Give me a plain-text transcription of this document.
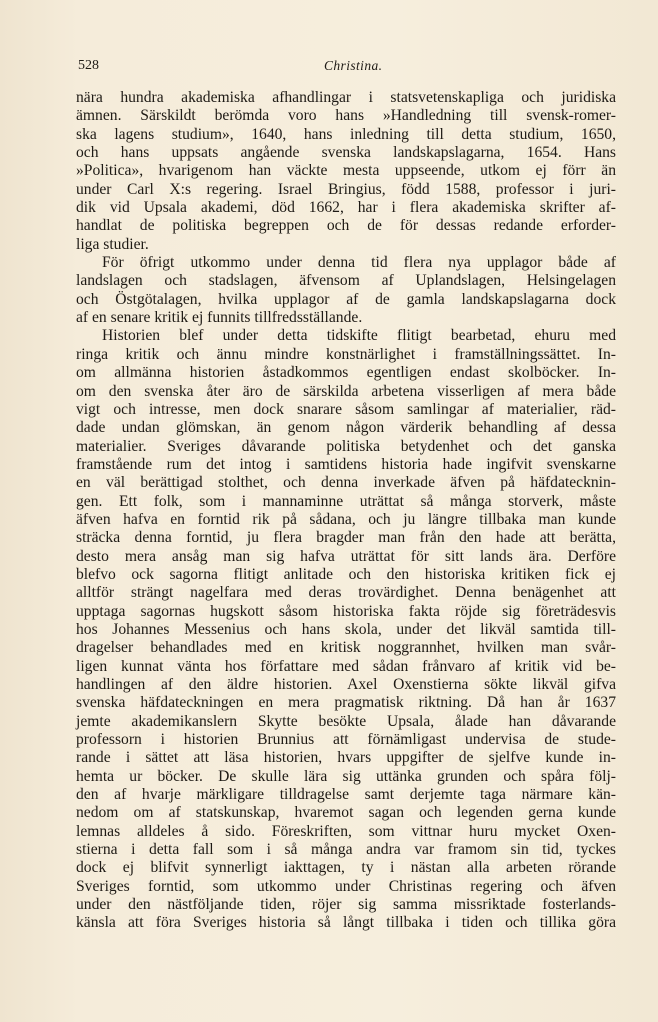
528	Christina.
nära hundra akademiska afhandlingar i statsvetenskapliga och juridiska
ämnen. Särskildt berömda voro hans »Handledning till svensk-romer-
ska lagens studium», 1640, hans inledning till detta studium, 1650,
och hans uppsats angående svenska landskapslagarna, 1654. Hans
»Politica», hvarigenom han väckte mesta uppseende, utkom ej förr än
under Carl X:s regering. Israel Bringius, född 1588, professor i juri-
dik vid Upsala akademi, död 1662, har i flera akademiska skrifter af-
handlat de politiska begreppen och de för dessas redande erforder-
liga studier.
För öfrigt utkommo under denna tid flera nya upplagor både af
landslagen och stadslagen, äfvensom af Uplandslagen, Helsingelagen
och Östgötalagen, hvilka upplagor af de gamla landskapslagarna dock
af en senare kritik ej funnits tillfredsställande.
Historien blef under detta tidskifte flitigt bearbetad, ehuru med
ringa kritik och ännu mindre konstnärlighet i framställningssättet. In-
om allmänna historien åstadkommos egentligen endast skolböcker. In-
om den svenska åter äro de särskilda arbetena visserligen af mera både
vigt och intresse, men dock snarare såsom samlingar af materialier, räd-
dade undan glömskan, än genom någon värderik behandling af dessa
materialier. Sveriges dåvarande politiska betydenhet och det ganska
framstående rum det intog i samtidens historia hade ingifvit svenskarne
en väl berättigad stolthet, och denna inverkade äfven på häfdatecknin-
gen. Ett folk, som i mannaminne uträttat så många storverk, måste
äfven hafva en forntid rik på sådana, och ju längre tillbaka man kunde
sträcka denna forntid, ju flera bragder man från den hade att berätta,
desto mera ansåg man sig hafva uträttat för sitt lands ära. Derföre
blefvo ock sagorna flitigt anlitade och den historiska kritiken fick ej
alltför strängt nagelfara med deras trovärdighet. Denna benägenhet att
upptaga sagornas hugskott såsom historiska fakta röjde sig företrädesvis
hos Johannes Messenius och hans skola, under det likväl samtida till-
dragelser behandlades med en kritisk noggrannhet, hvilken man svår-
ligen kunnat vänta hos författare med sådan frånvaro af kritik vid be-
handlingen af den äldre historien. Axel Oxenstierna sökte likväl gifva
svenska häfdateckningen en mera pragmatisk riktning. Då han år 1637
jemte akademikanslern Skytte besökte Upsala, ålade han dåvarande
professorn i historien Brunnius att förnämligast undervisa de stude-
rande i sättet att läsa historien, hvars uppgifter de sjelfve kunde in-
hemta ur böcker. De skulle lära sig uttänka grunden och spåra följ-
den af hvarje märkligare tilldragelse samt derjemte taga närmare kän-
nedom om af statskunskap, hvaremot sagan och legenden gerna kunde
lemnas alldeles å sido. Föreskriften, som vittnar huru mycket Oxen-
stierna i detta fall som i så många andra var framom sin tid, tyckes
dock ej blifvit synnerligt iakttagen, ty i nästan alla arbeten rörande
Sveriges forntid, som utkommo under Christinas regering och äfven
under den nästföljande tiden, röjer sig samma missriktade fosterlands-
känsla att föra Sveriges historia så långt tillbaka i tiden och tillika göra
